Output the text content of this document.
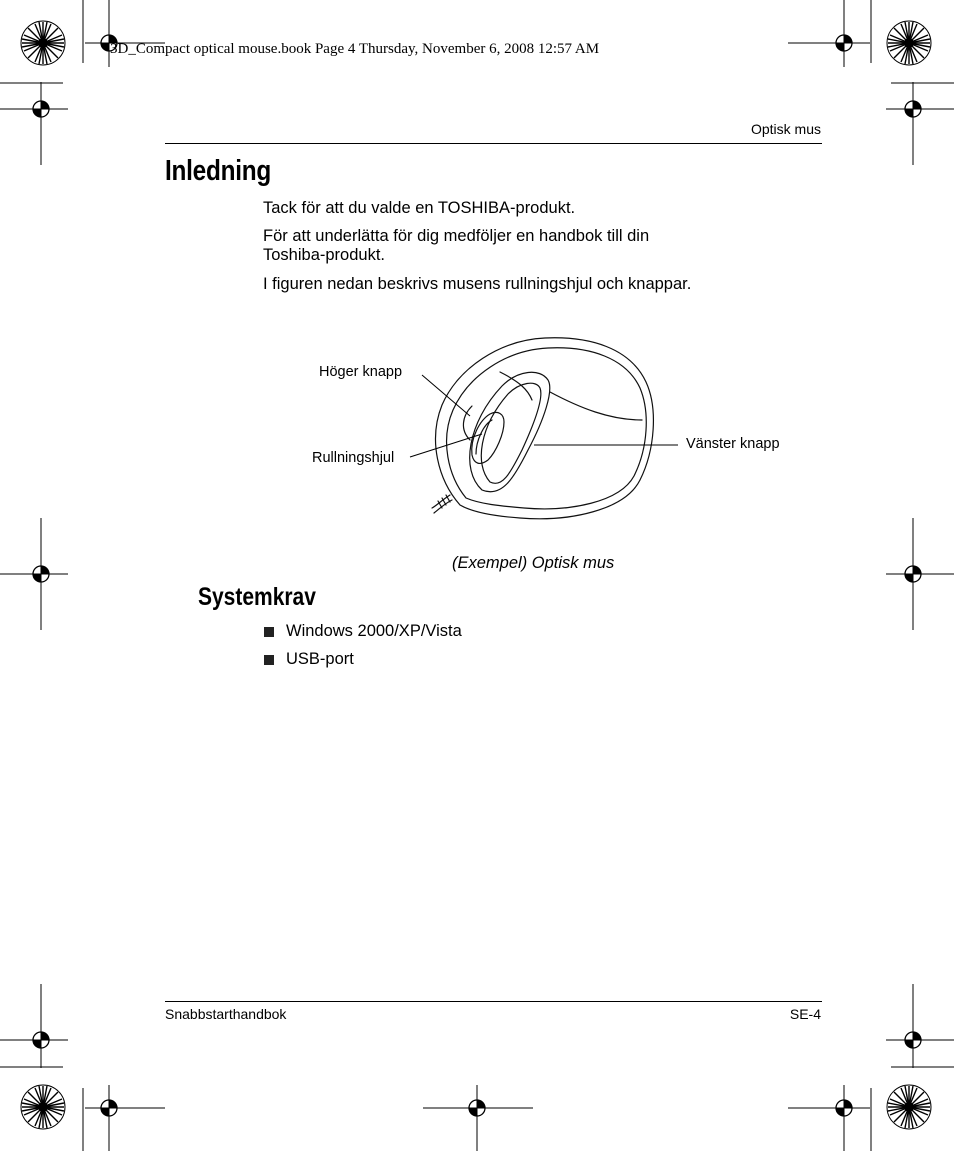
3D_Compact optical mouse.book Page 4 Thursday, November 6, 2008 12:57 AM
Optisk mus
Inledning
Tack för att du valde en TOSHIBA-produkt.
För att underlätta för dig medföljer en handbok till din Toshiba-produkt.
I figuren nedan beskrivs musens rullningshjul och knappar.
Höger knapp
Rullningshjul
Vänster knapp
(Exempel) Optisk mus
Systemkrav
Windows 2000/XP/Vista
USB-port
Snabbstarthandbok	SE-4
